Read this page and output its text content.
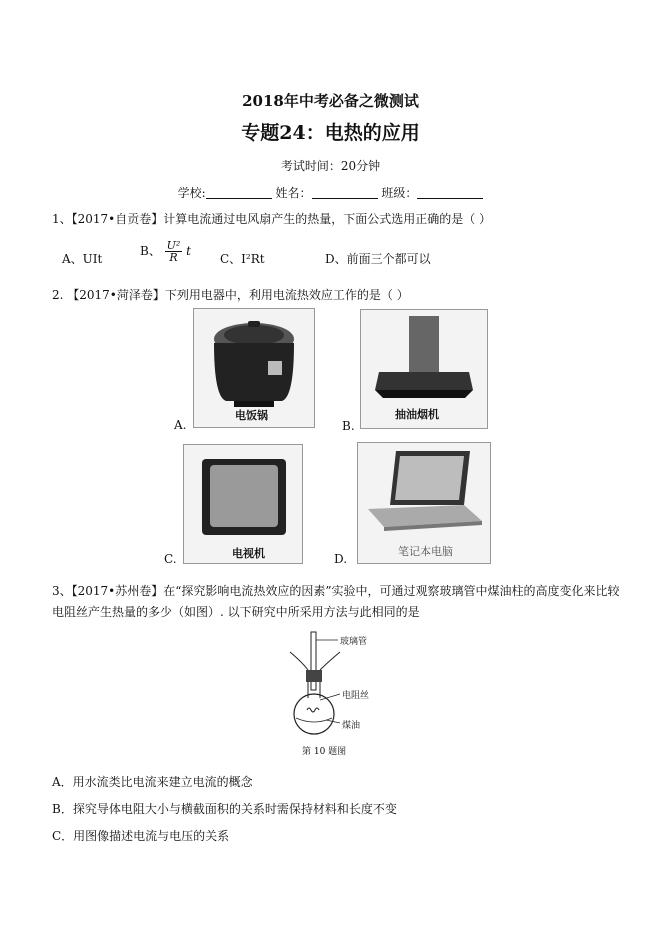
2018年中考必备之微测试
专题24：电热的应用
考试时间：20分钟
学校:	姓名：	班级：
1、【2017•自贡卷】计算电流通过电风扇产生的热量，下面公式选用正确的是（ ）
A、UIt
B、 $\frac{\text{U²}}{R}$ t
C、I²Rt	D、前面三个都可以
2. 【2017•菏泽卷】下列用电器中，利用电流热效应工作的是（ ）
电饭锅
A.
抽油烟机
B.
电视机
C.
笔记本电脑
D.
3、【2017•苏州卷】在“探究影响电流热效应的因素”实验中，可通过观察玻璃管中煤油柱的高度变化来比较
电阻丝产生热量的多少（如图）. 以下研究中所采用方法与此相同的是
玻璃管
电阻丝
煤油
第 10 题图
A．用水流类比电流来建立电流的概念
B．探究导体电阻大小与横截面积的关系时需保持材料和长度不变
C．用图像描述电流与电压的关系
